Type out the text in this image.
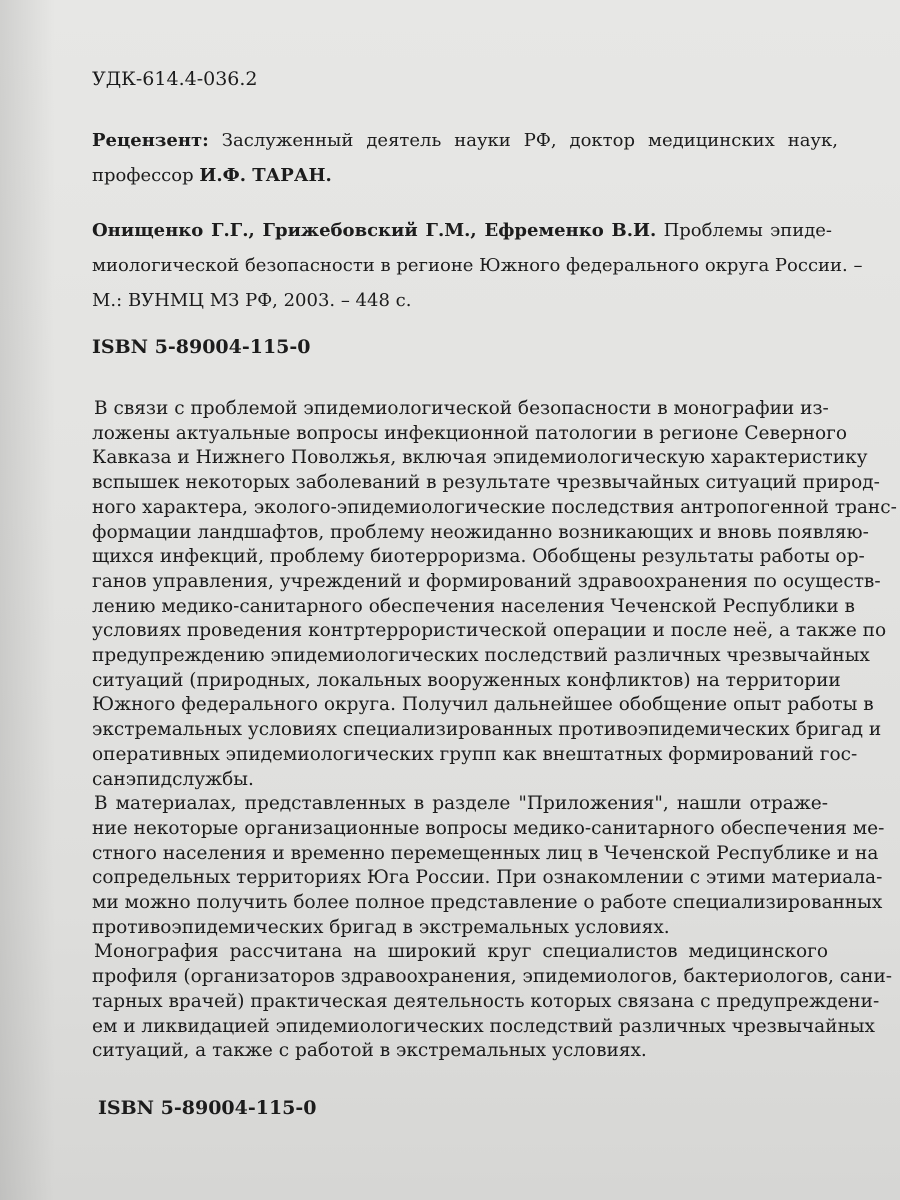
УДК-614.4-036.2
Рецензент: Заслуженный деятель науки РФ, доктор медицинских наук,
профессор И.Ф. ТАРАН.
Онищенко Г.Г., Грижебовский Г.М., Ефременко В.И. Проблемы эпиде-
миологической безопасности в регионе Южного федерального округа России. –
М.: ВУНМЦ МЗ РФ, 2003. – 448 с.
ISBN 5-89004-115-0

В связи с проблемой эпидемиологической безопасности в монографии из-
ложены актуальные вопросы инфекционной патологии в регионе Северного
Кавказа и Нижнего Поволжья, включая эпидемиологическую характеристику
вспышек некоторых заболеваний в результате чрезвычайных ситуаций природ-
ного характера, эколого-эпидемиологические последствия антропогенной транс-
формации ландшафтов, проблему неожиданно возникающих и вновь появляю-
щихся инфекций, проблему биотерроризма. Обобщены результаты работы ор-
ганов управления, учреждений и формирований здравоохранения по осуществ-
лению медико-санитарного обеспечения населения Чеченской Республики в
условиях проведения контртеррористической операции и после неё, а также по
предупреждению эпидемиологических последствий различных чрезвычайных
ситуаций (природных, локальных вооруженных конфликтов) на территории
Южного федерального округа. Получил дальнейшее обобщение опыт работы в
экстремальных условиях специализированных противоэпидемических бригад и
оперативных эпидемиологических групп как внештатных формирований гос-
санэпидслужбы.

В материалах, представленных в разделе "Приложения", нашли отраже-
ние некоторые организационные вопросы медико-санитарного обеспечения ме-
стного населения и временно перемещенных лиц в Чеченской Республике и на
сопредельных территориях Юга России. При ознакомлении с этими материала-
ми можно получить более полное представление о работе специализированных
противоэпидемических бригад в экстремальных условиях.

Монография рассчитана на широкий круг специалистов медицинского
профиля (организаторов здравоохранения, эпидемиологов, бактериологов, сани-
тарных врачей) практическая деятельность которых связана с предупреждени-
ем и ликвидацией эпидемиологических последствий различных чрезвычайных
ситуаций, а также с работой в экстремальных условиях.

ISBN 5-89004-115-0
